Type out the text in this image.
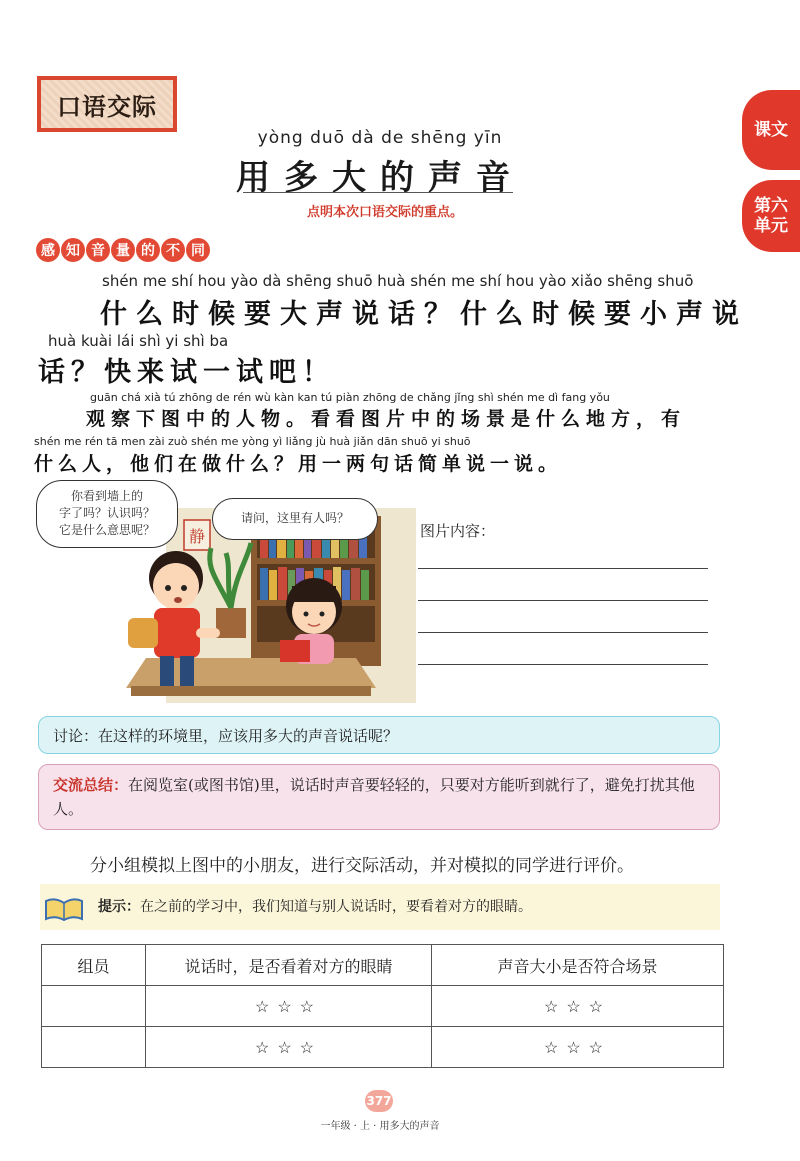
口语交际
课文
第六
单元
yòng duō dà de shēng yīn
用多大的声音
点明本次口语交际的重点。
感 知 音 量 的 不 同
shén me shí hou yào dà shēng shuō huà shén me shí hou yào xiǎo shēng shuō
什么时候要大声说话？什么时候要小声说
huà kuài lái shì yi shì ba
话？快来试一试吧！
guān chá xià tú zhōng de rén wù kàn kan tú piàn zhōng de chǎng jǐng shì shén me dì fang yǒu
观察下图中的人物。看看图片中的场景是什么地方，有
shén me rén tā men zài zuò shén me yòng yì liǎng jù huà jiǎn dān shuō yi shuō
什么人，他们在做什么？用一两句话简单说一说。
静
你看到墙上的
字了吗？认识吗？
它是什么意思呢？
请问，这里有人吗？
图片内容：
讨论：在这样的环境里，应该用多大的声音说话呢？
交流总结：在阅览室(或图书馆)里，说话时声音要轻轻的，只要对方能听到就行了，避免打扰其他人。
分小组模拟上图中的小朋友，进行交际活动，并对模拟的同学进行评价。
提示：在之前的学习中，我们知道与别人说话时，要看着对方的眼睛。
组员	说话时，是否看着对方的眼睛	声音大小是否符合场景
	☆☆☆	☆☆☆
	☆☆☆	☆☆☆
377
一年级 · 上 · 用多大的声音
